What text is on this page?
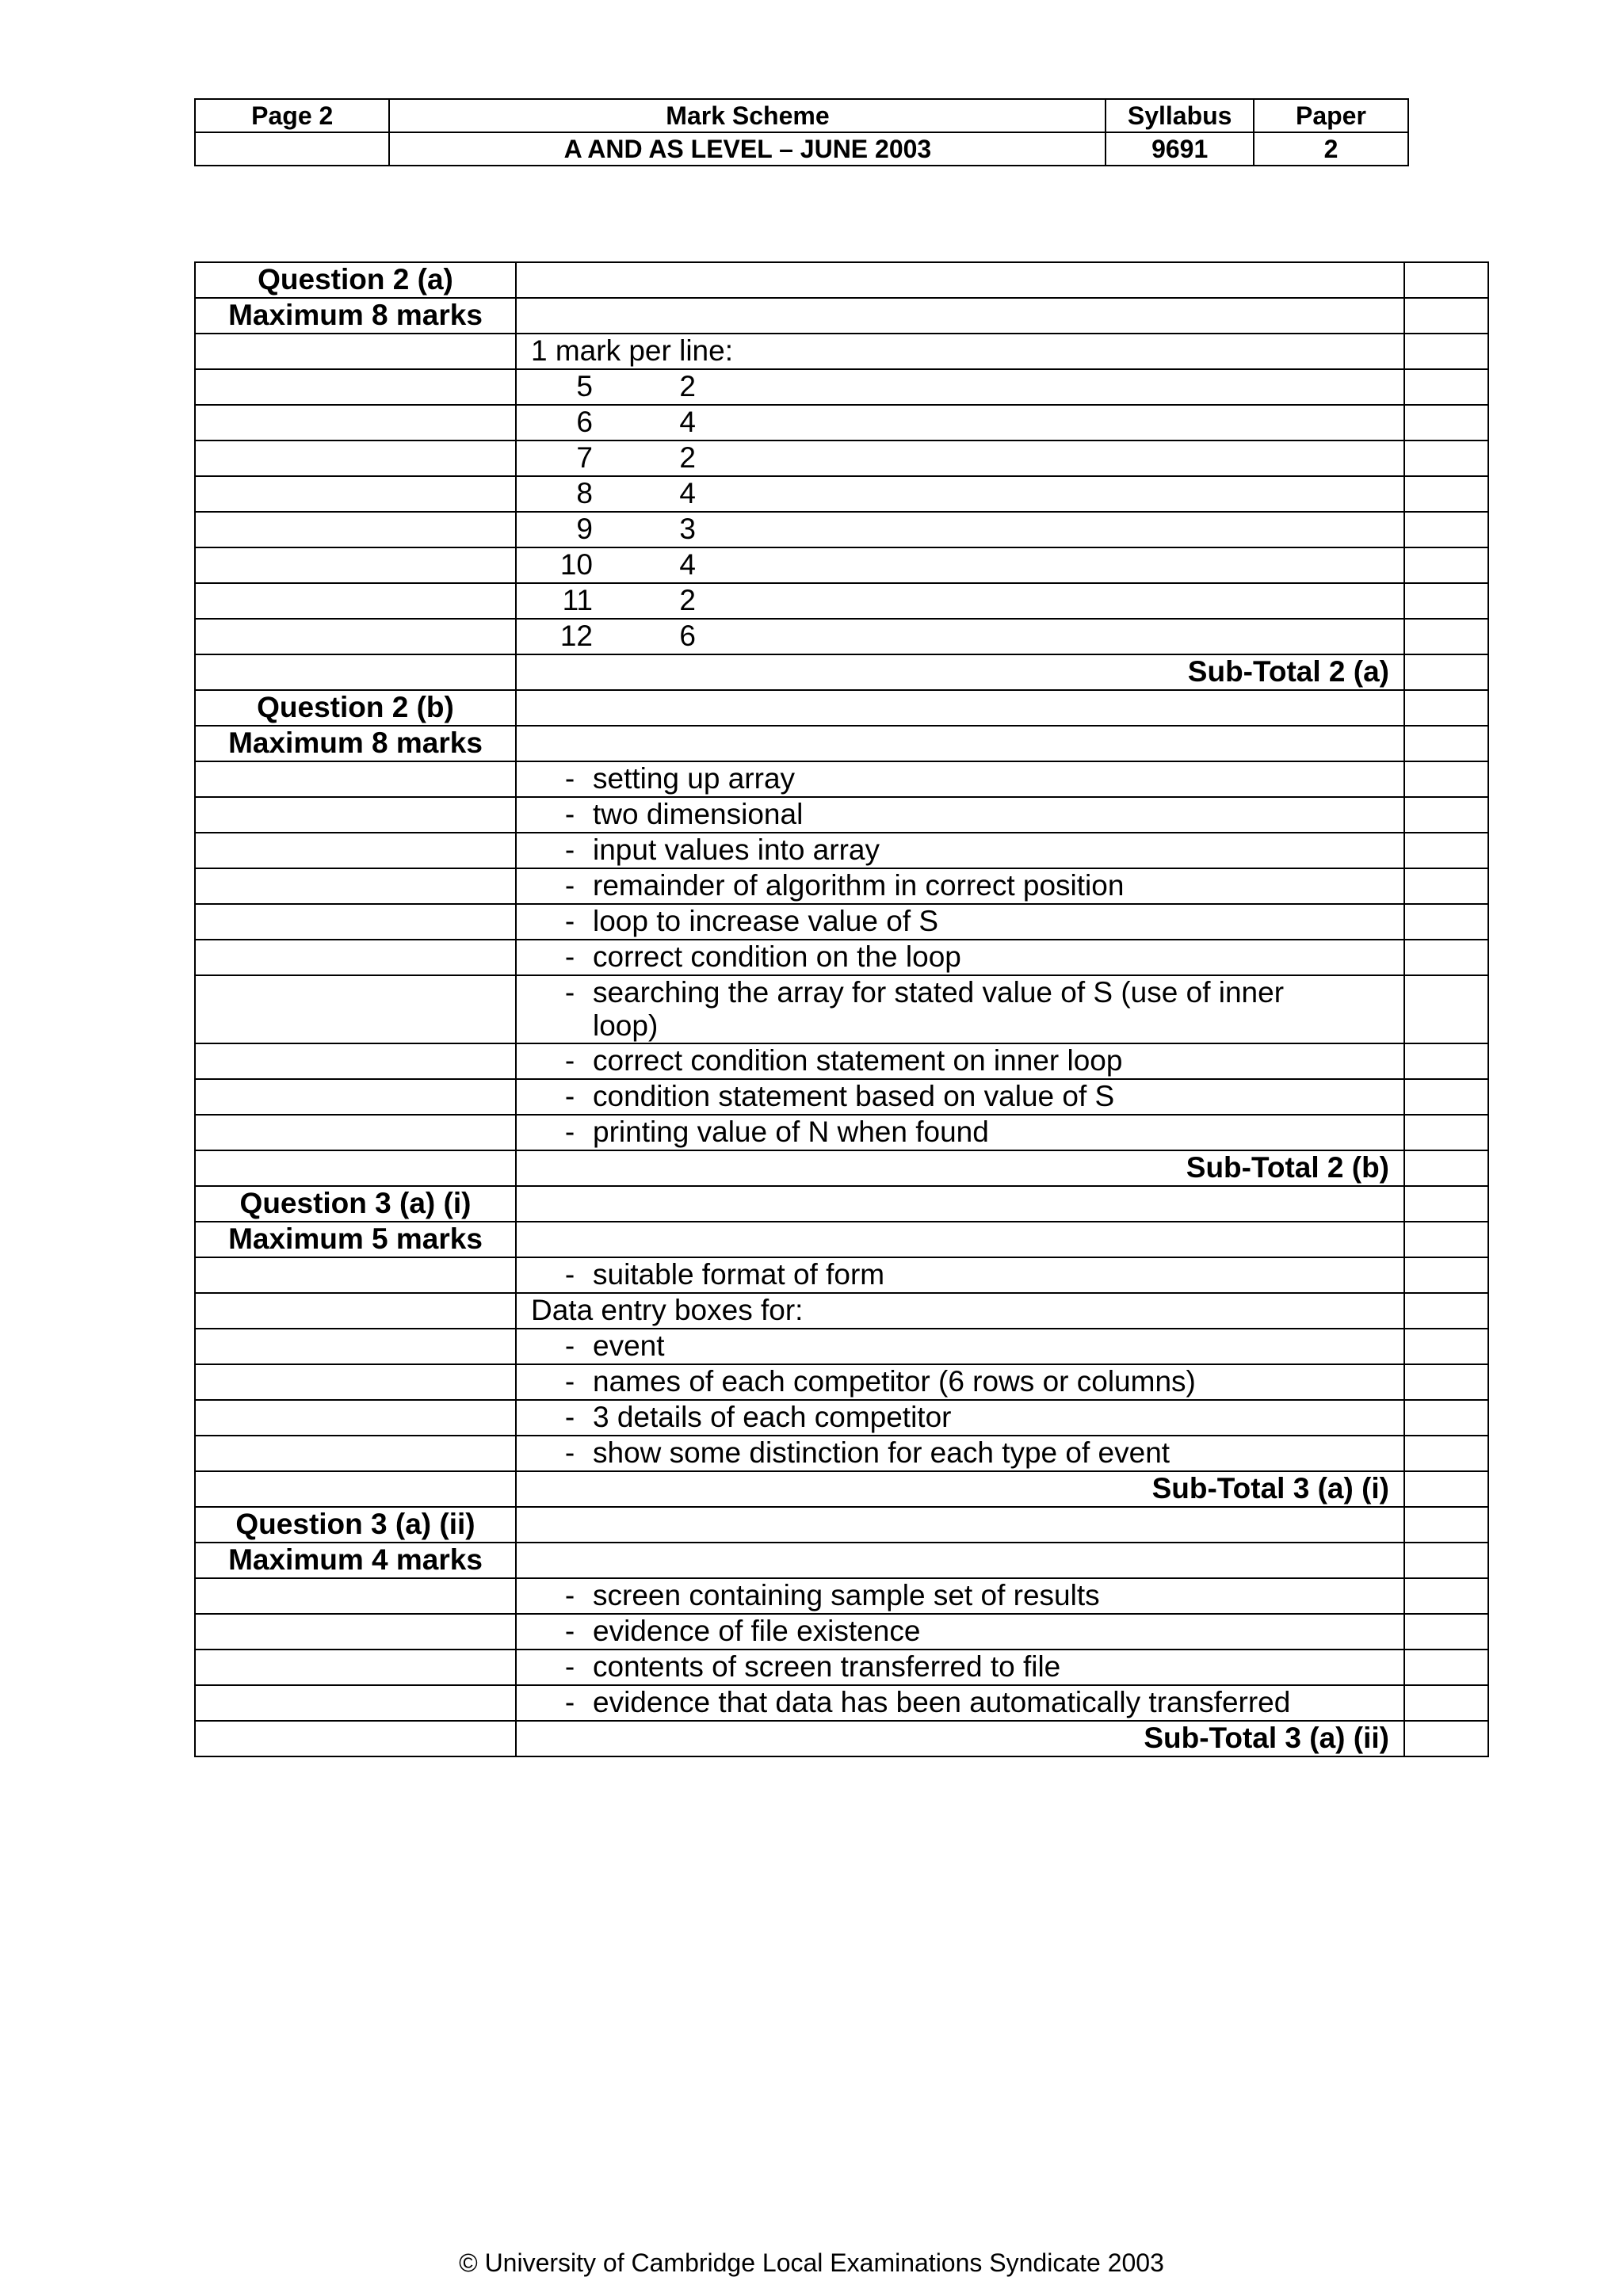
Page 2	Mark Scheme	Syllabus	Paper
	A AND AS LEVEL – JUNE 2003	9691	2
Question 2 (a)		
Maximum 8 marks		
	1 mark per line:	
	5 2	
	6 4	
	7 2	
	8 4	
	9 3	
	10 4	
	11 2	
	12 6	
	Sub-Total 2 (a)	
Question 2 (b)		
Maximum 8 marks		
	- setting up array	
	- two dimensional	
	- input values into array	
	- remainder of algorithm in correct position	
	- loop to increase value of S	
	- correct condition on the loop	
	- searching the array for stated value of S (use of inner loop)	
	- correct condition statement on inner loop	
	- condition statement based on value of S	
	- printing value of N when found	
	Sub-Total 2 (b)	
Question 3 (a) (i)		
Maximum 5 marks		
	- suitable format of form	
	Data entry boxes for:	
	- event	
	- names of each competitor (6 rows or columns)	
	- 3 details of each competitor	
	- show some distinction for each type of event	
	Sub-Total 3 (a) (i)	
Question 3 (a) (ii)		
Maximum 4 marks		
	- screen containing sample set of results	
	- evidence of file existence	
	- contents of screen transferred to file	
	- evidence that data has been automatically transferred	
	Sub-Total 3 (a) (ii)	
© University of Cambridge Local Examinations Syndicate 2003
